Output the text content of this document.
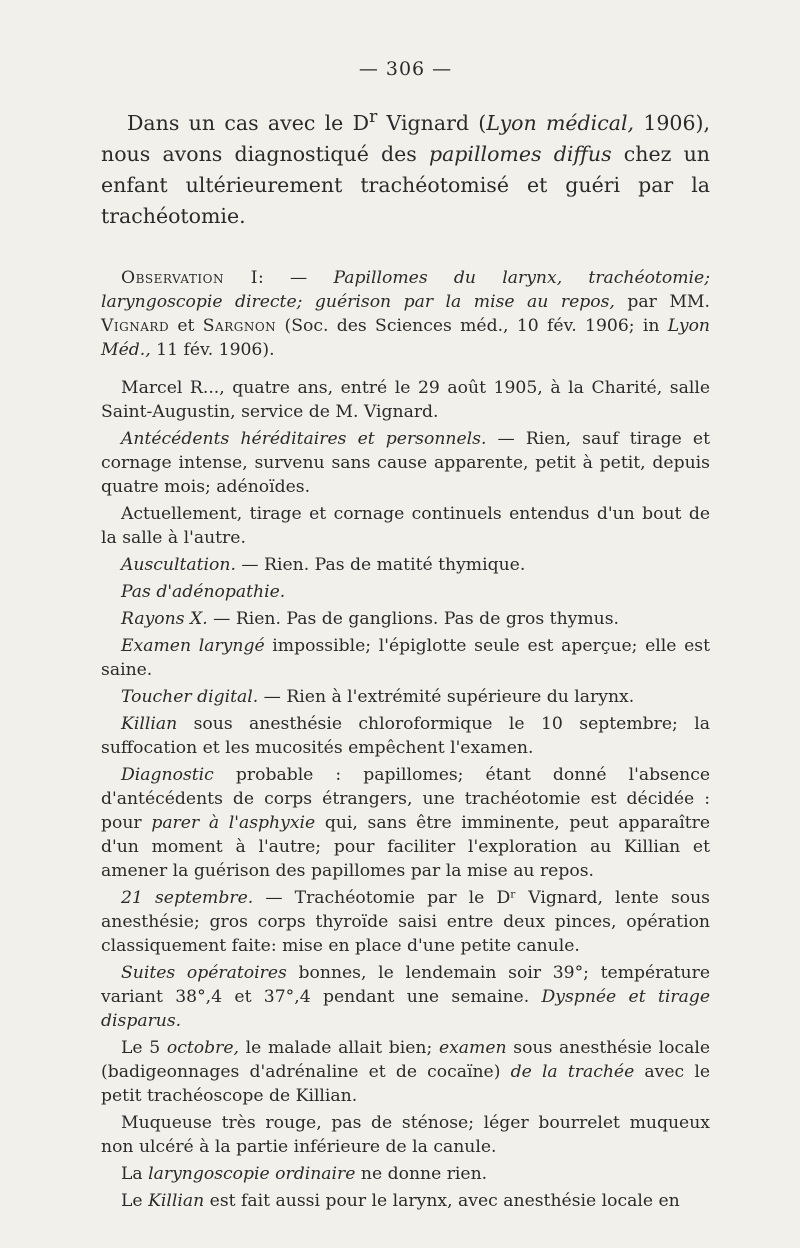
— 306 —

Dans un cas avec le $D^r$ Vignard (Lyon médical, 1906), nous avons diagnostiqué des papillomes diffus chez un enfant ultérieurement trachéotomisé et guéri par la trachéotomie.

Observation I: — Papillomes du larynx, trachéotomie; laryngoscopie directe; guérison par la mise au repos, par MM. Vignard et Sargnon (Soc. des Sciences méd., 10 fév. 1906; in Lyon Méd., 11 fév. 1906).

Marcel R..., quatre ans, entré le 29 août 1905, à la Charité, salle Saint-Augustin, service de M. Vignard.

Antécédents héréditaires et personnels. — Rien, sauf tirage et cornage intense, survenu sans cause apparente, petit à petit, depuis quatre mois; adénoïdes.

Actuellement, tirage et cornage continuels entendus d'un bout de la salle à l'autre.

Auscultation. — Rien. Pas de matité thymique.

Pas d'adénopathie.

Rayons X. — Rien. Pas de ganglions. Pas de gros thymus.

Examen laryngé impossible; l'épiglotte seule est aperçue; elle est saine.

Toucher digital. — Rien à l'extrémité supérieure du larynx.

Killian sous anesthésie chloroformique le 10 septembre; la suffocation et les mucosités empêchent l'examen.

Diagnostic probable : papillomes; étant donné l'absence d'antécédents de corps étrangers, une trachéotomie est décidée : pour parer à l'asphyxie qui, sans être imminente, peut apparaître d'un moment à l'autre; pour faciliter l'exploration au Killian et amener la guérison des papillomes par la mise au repos.

21 septembre. — Trachéotomie par le Dʳ Vignard, lente sous anesthésie; gros corps thyroïde saisi entre deux pinces, opération classiquement faite: mise en place d'une petite canule.

Suites opératoires bonnes, le lendemain soir 39°; température variant 38°,4 et 37°,4 pendant une semaine. Dyspnée et tirage disparus.

Le 5 octobre, le malade allait bien; examen sous anesthésie locale (badigeonnages d'adrénaline et de cocaïne) de la trachée avec le petit trachéoscope de Killian.

Muqueuse très rouge, pas de sténose; léger bourrelet muqueux non ulcéré à la partie inférieure de la canule.

La laryngoscopie ordinaire ne donne rien.

Le Killian est fait aussi pour le larynx, avec anesthésie locale en
